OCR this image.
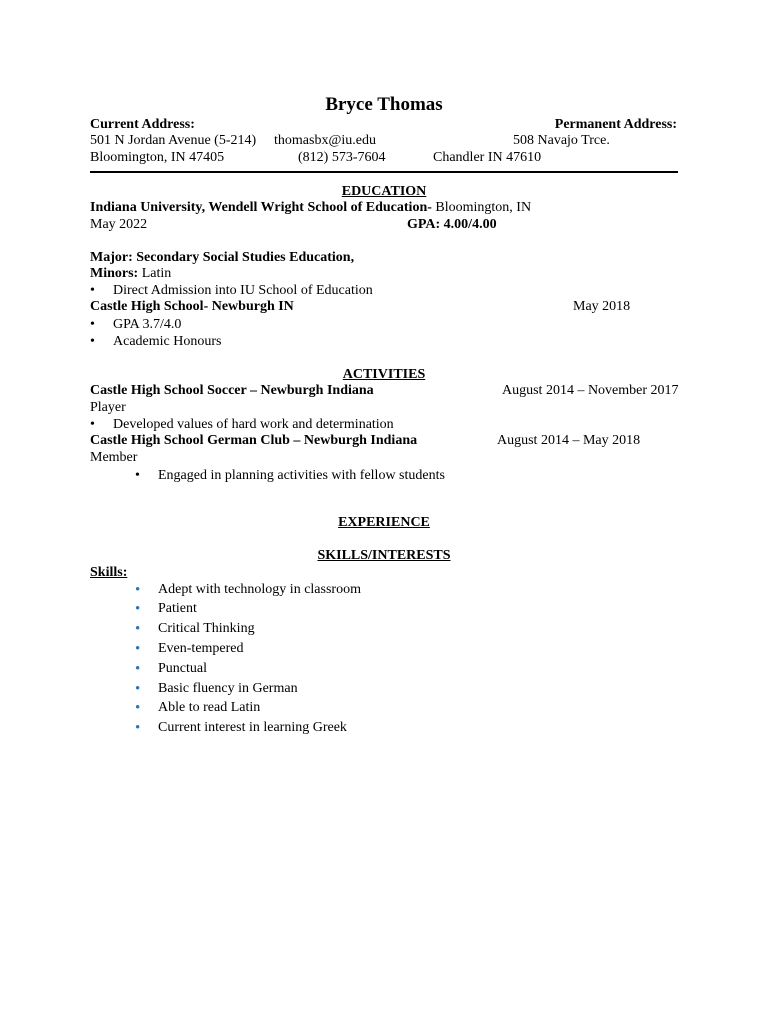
Bryce Thomas
Current Address:	Permanent Address:
501 N Jordan Avenue (5-214) thomasbx@iu.edu	508 Navajo Trce.
Bloomington, IN 47405	(812) 573-7604	Chandler IN 47610
EDUCATION
Indiana University, Wendell Wright School of Education- Bloomington, IN
May 2022	GPA: 4.00/4.00
Major: Secondary Social Studies Education,
Minors: Latin
• Direct Admission into IU School of Education
Castle High School- Newburgh IN	May 2018
• GPA 3.7/4.0
• Academic Honours
ACTIVITIES
Castle High School Soccer – Newburgh Indiana	August 2014 – November 2017
Player
• Developed values of hard work and determination
Castle High School German Club – Newburgh Indiana	August 2014 – May 2018
Member
• Engaged in planning activities with fellow students
EXPERIENCE
SKILLS/INTERESTS
Skills:
• Adept with technology in classroom
• Patient
• Critical Thinking
• Even-tempered
• Punctual
• Basic fluency in German
• Able to read Latin
• Current interest in learning Greek
